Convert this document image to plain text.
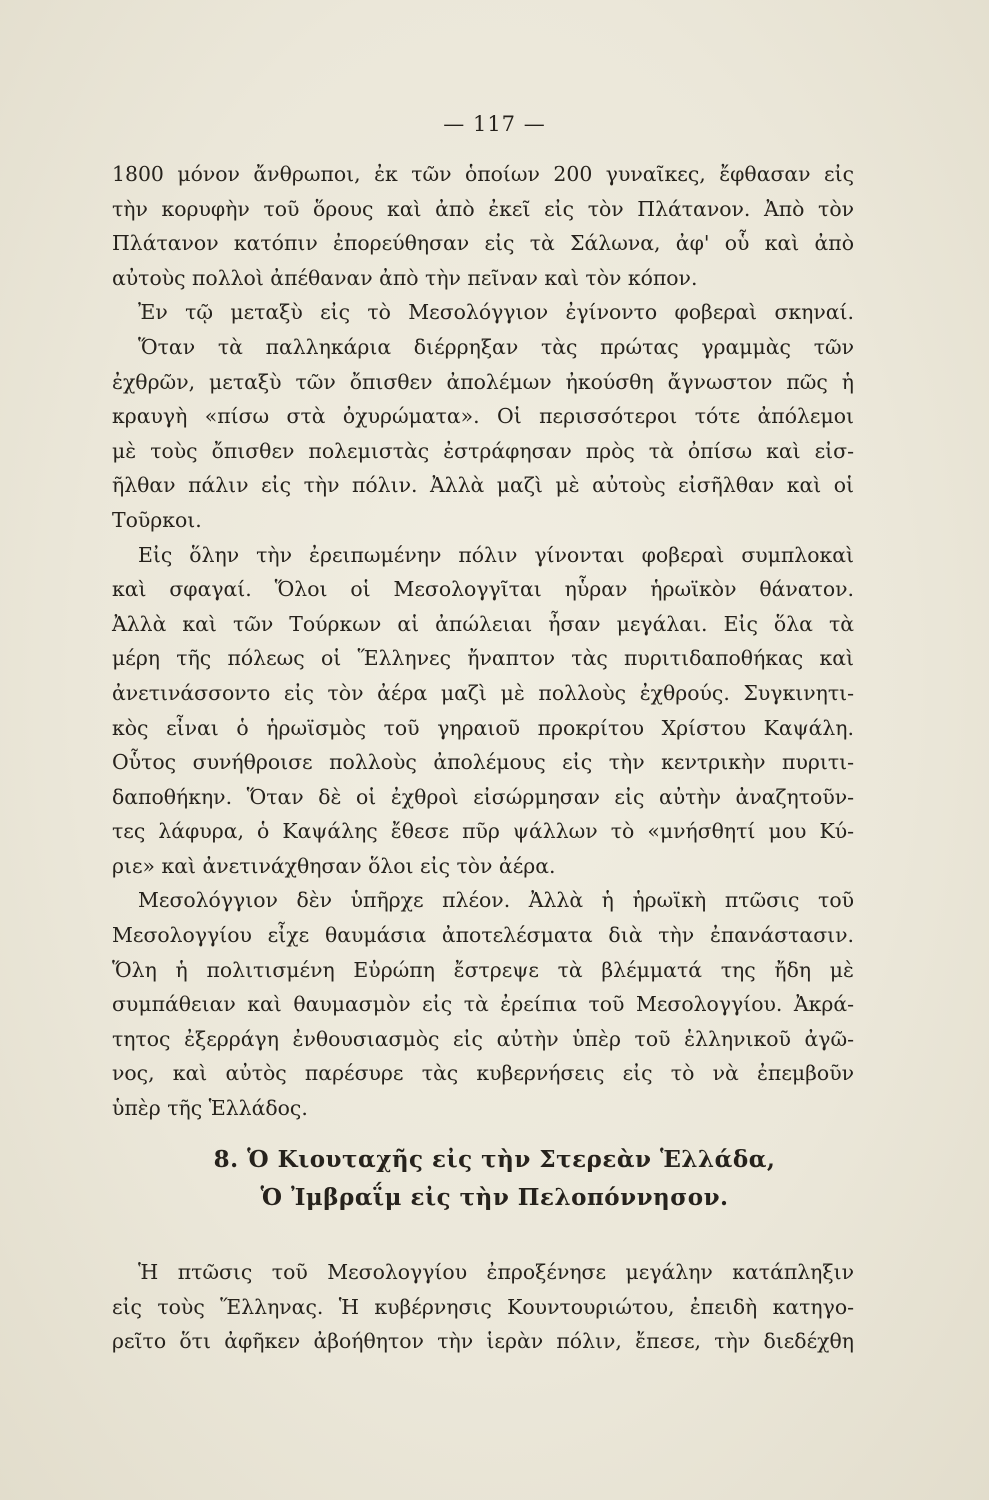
— 117 —
1800 μόνον ἄνθρωποι, ἐκ τῶν ὁποίων 200 γυναῖκες, ἔφθασαν εἰς
τὴν κορυφὴν τοῦ ὅρους καὶ ἀπὸ ἐκεῖ εἰς τὸν Πλάτανον. Ἀπὸ τὸν
Πλάτανον κατόπιν ἐπορεύθησαν εἰς τὰ Σάλωνα, ἀφ' οὗ καὶ ἀπὸ
αὐτοὺς πολλοὶ ἀπέθαναν ἀπὸ τὴν πεῖναν καὶ τὸν κόπον.
Ἐν τῷ μεταξὺ εἰς τὸ Μεσολόγγιον ἐγίνοντο φοβεραὶ σκηναί.
Ὅταν τὰ παλληκάρια διέρρηξαν τὰς πρώτας γραμμὰς τῶν
ἐχθρῶν, μεταξὺ τῶν ὄπισθεν ἀπολέμων ἠκούσθη ἄγνωστον πῶς ἡ
κραυγὴ «πίσω στὰ ὀχυρώματα». Οἱ περισσότεροι τότε ἀπόλεμοι
μὲ τοὺς ὄπισθεν πολεμιστὰς ἐστράφησαν πρὸς τὰ ὀπίσω καὶ εἰσ-
ῆλθαν πάλιν εἰς τὴν πόλιν. Ἀλλὰ μαζὶ μὲ αὐτοὺς εἰσῆλθαν καὶ οἱ
Τοῦρκοι.
Εἰς ὅλην τὴν ἐρειπωμένην πόλιν γίνονται φοβεραὶ συμπλοκαὶ
καὶ σφαγαί. Ὅλοι οἱ Μεσολογγῖται ηὗραν ἡρωϊκὸν θάνατον.
Ἀλλὰ καὶ τῶν Τούρκων αἱ ἀπώλειαι ἦσαν μεγάλαι. Εἰς ὅλα τὰ
μέρη τῆς πόλεως οἱ Ἕλληνες ἤναπτον τὰς πυριτιδαποθήκας καὶ
ἀνετινάσσοντο εἰς τὸν ἀέρα μαζὶ μὲ πολλοὺς ἐχθρούς. Συγκινητι-
κὸς εἶναι ὁ ἡρωϊσμὸς τοῦ γηραιοῦ προκρίτου Χρίστου Καψάλη.
Οὗτος συνήθροισε πολλοὺς ἀπολέμους εἰς τὴν κεντρικὴν πυριτι-
δαποθήκην. Ὅταν δὲ οἱ ἐχθροὶ εἰσώρμησαν εἰς αὐτὴν ἀναζητοῦν-
τες λάφυρα, ὁ Καψάλης ἔθεσε πῦρ ψάλλων τὸ «μνήσθητί μου Κύ-
ριε» καὶ ἀνετινάχθησαν ὅλοι εἰς τὸν ἀέρα.
Μεσολόγγιον δὲν ὑπῆρχε πλέον. Ἀλλὰ ἡ ἡρωϊκὴ πτῶσις τοῦ
Μεσολογγίου εἶχε θαυμάσια ἀποτελέσματα διὰ τὴν ἐπανάστασιν.
Ὅλη ἡ πολιτισμένη Εὐρώπη ἔστρεψε τὰ βλέμματά της ἤδη μὲ
συμπάθειαν καὶ θαυμασμὸν εἰς τὰ ἐρείπια τοῦ Μεσολογγίου. Ἀκρά-
τητος ἐξερράγη ἐνθουσιασμὸς εἰς αὐτὴν ὑπὲρ τοῦ ἑλληνικοῦ ἀγῶ-
νος, καὶ αὐτὸς παρέσυρε τὰς κυβερνήσεις εἰς τὸ νὰ ἐπεμβοῦν
ὑπὲρ τῆς Ἑλλάδος.
8. Ὁ Κιουταχῆς εἰς τὴν Στερεὰν Ἑλλάδα,
Ὁ Ἰμβραΐμ εἰς τὴν Πελοπόννησον.
Ἡ πτῶσις τοῦ Μεσολογγίου ἐπροξένησε μεγάλην κατάπληξιν
εἰς τοὺς Ἕλληνας. Ἡ κυβέρνησις Κουντουριώτου, ἐπειδὴ κατηγο-
ρεῖτο ὅτι ἀφῆκεν ἀβοήθητον τὴν ἱερὰν πόλιν, ἔπεσε, τὴν διεδέχθη
